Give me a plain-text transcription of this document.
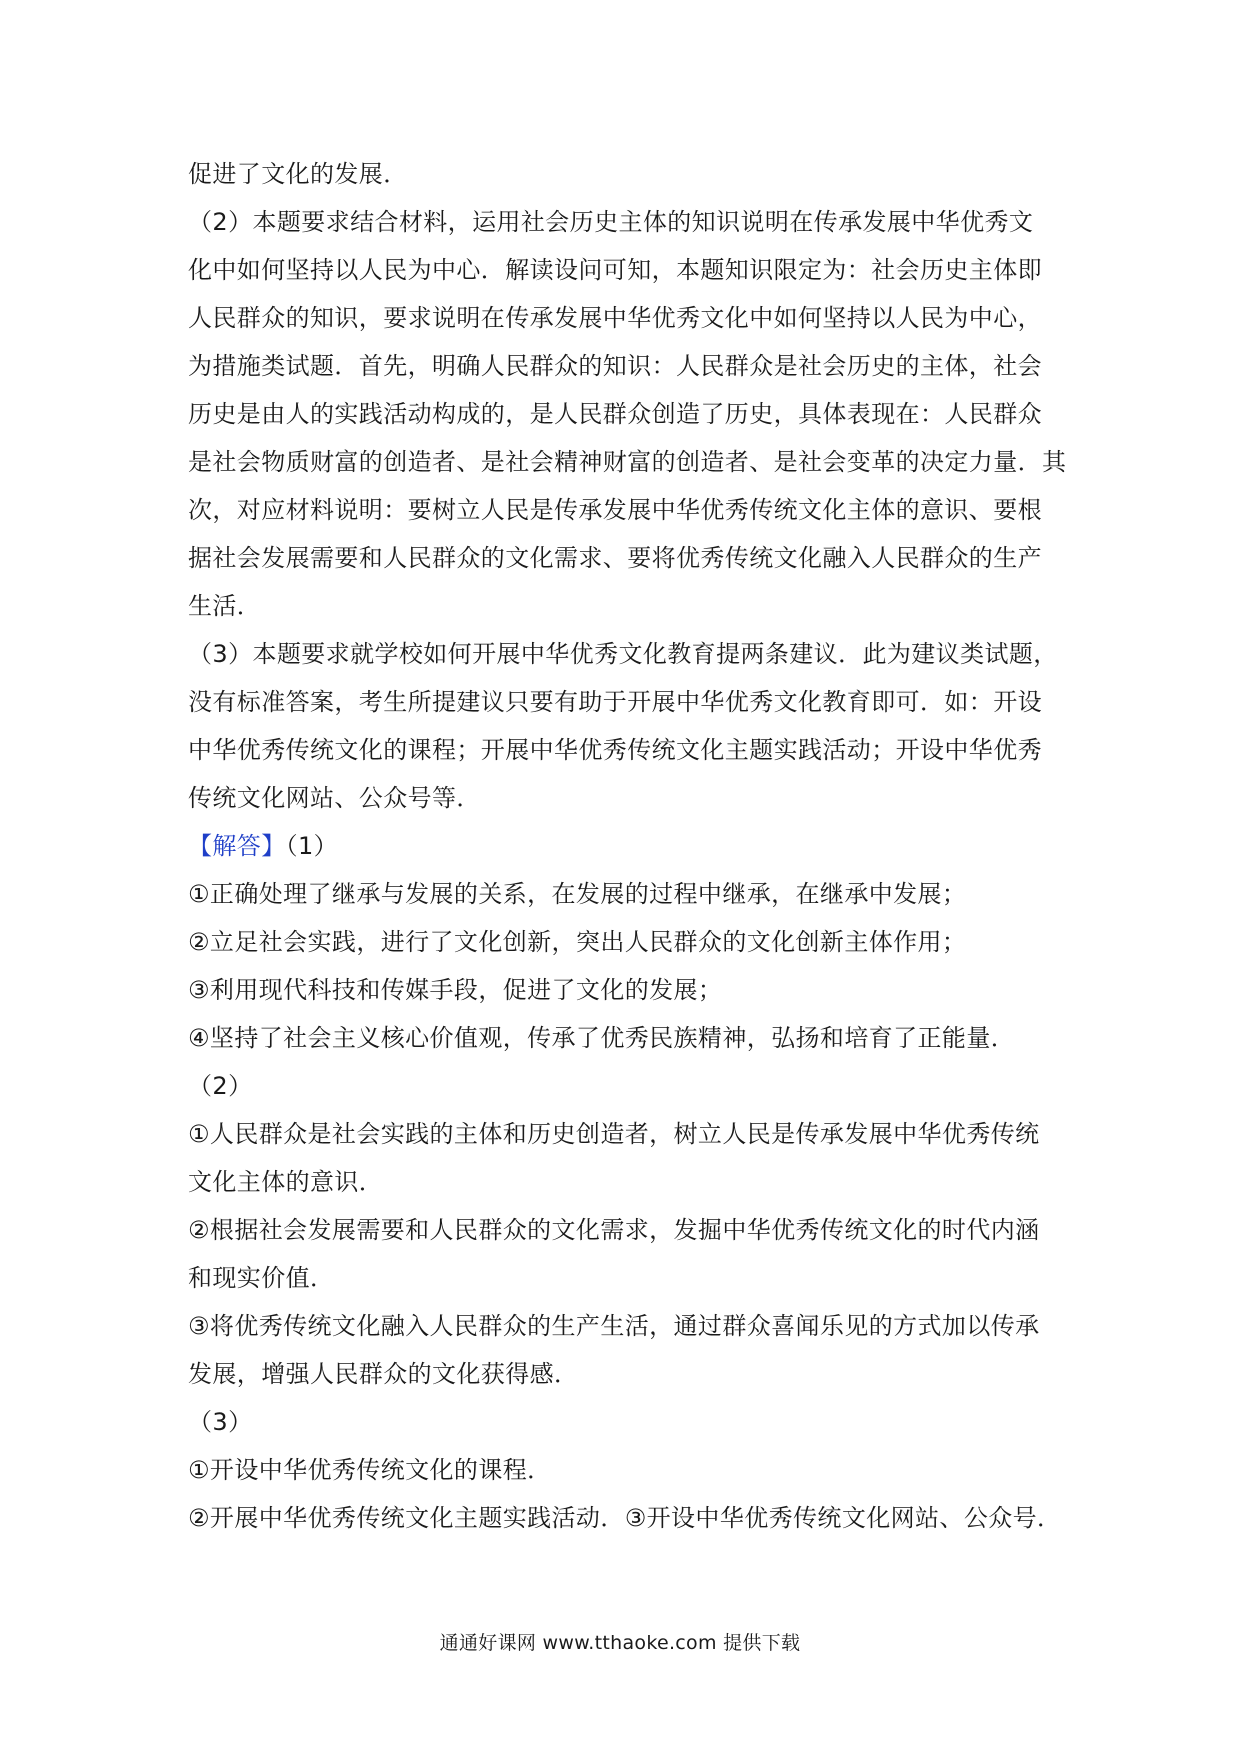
促进了文化的发展．
（2）本题要求结合材料，运用社会历史主体的知识说明在传承发展中华优秀文
化中如何坚持以人民为中心．解读设问可知，本题知识限定为：社会历史主体即
人民群众的知识，要求说明在传承发展中华优秀文化中如何坚持以人民为中心，
为措施类试题．首先，明确人民群众的知识：人民群众是社会历史的主体，社会
历史是由人的实践活动构成的，是人民群众创造了历史，具体表现在：人民群众
是社会物质财富的创造者、是社会精神财富的创造者、是社会变革的决定力量．其
次，对应材料说明：要树立人民是传承发展中华优秀传统文化主体的意识、要根
据社会发展需要和人民群众的文化需求、要将优秀传统文化融入人民群众的生产
生活．
（3）本题要求就学校如何开展中华优秀文化教育提两条建议．此为建议类试题，
没有标准答案，考生所提建议只要有助于开展中华优秀文化教育即可．如：开设
中华优秀传统文化的课程；开展中华优秀传统文化主题实践活动；开设中华优秀
传统文化网站、公众号等．
【解答】（1）
①正确处理了继承与发展的关系，在发展的过程中继承，在继承中发展；
②立足社会实践，进行了文化创新，突出人民群众的文化创新主体作用；
③利用现代科技和传媒手段，促进了文化的发展；
④坚持了社会主义核心价值观，传承了优秀民族精神，弘扬和培育了正能量．
（2）
①人民群众是社会实践的主体和历史创造者，树立人民是传承发展中华优秀传统
文化主体的意识．
②根据社会发展需要和人民群众的文化需求，发掘中华优秀传统文化的时代内涵
和现实价值．
③将优秀传统文化融入人民群众的生产生活，通过群众喜闻乐见的方式加以传承
发展，增强人民群众的文化获得感．
（3）
①开设中华优秀传统文化的课程．
②开展中华优秀传统文化主题实践活动．③开设中华优秀传统文化网站、公众号．
通通好课网 www.tthaoke.com 提供下载
